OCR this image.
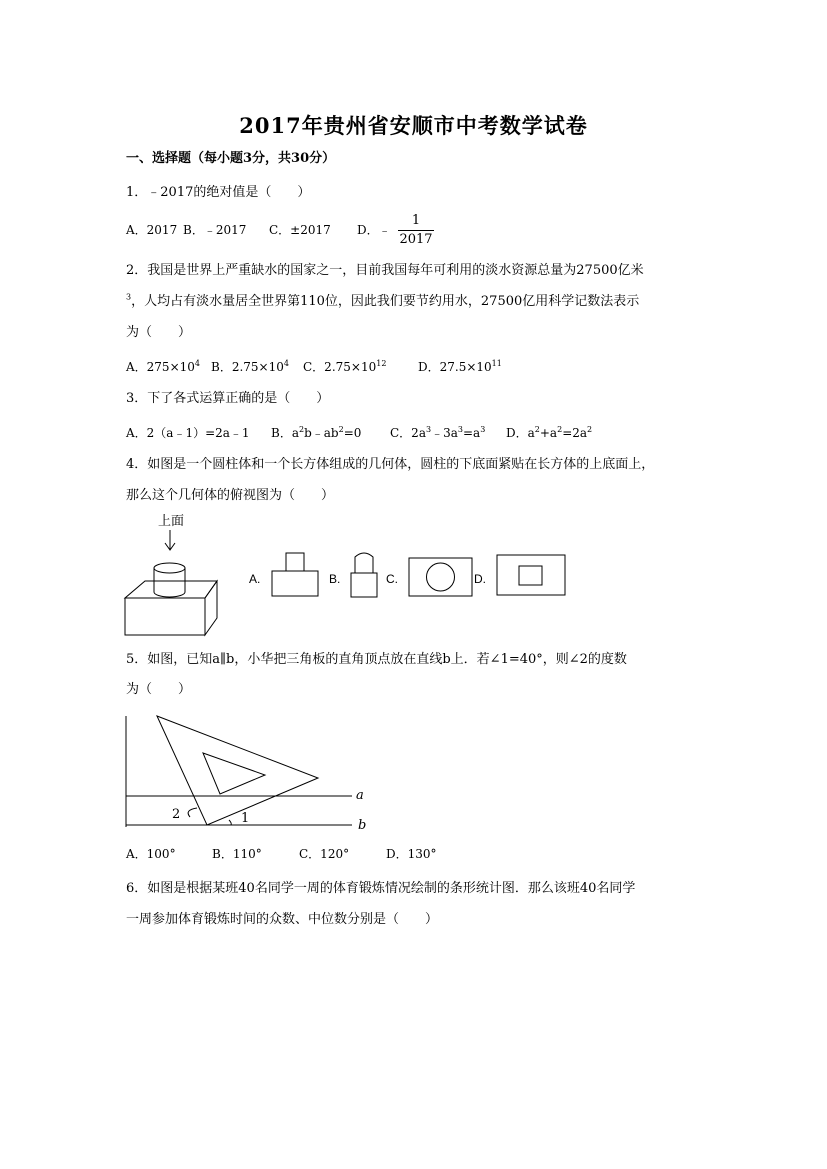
2017年贵州省安顺市中考数学试卷
一、选择题（每小题3分，共30分）
1．﹣2017的绝对值是（　　）
A．2017 B．﹣2017 C．±2017 D．﹣ $\frac{1}{2017}$
2．我国是世界上严重缺水的国家之一，目前我国每年可利用的淡水资源总量为27500亿米
$^3$，人均占有淡水量居全世界第110位，因此我们要节约用水，27500亿用科学记数法表示
为（　　）
A．$275\times 10^4$ B．$2.75\times 10^4$ C．$2.75\times 10^{12}$	D．$27.5\times 10^{11}$
3．下了各式运算正确的是（　　）
A．2（a﹣1）=2a﹣1 B．$a^2b﹣ab^2=0$ C．$2a^3﹣3a^3=a^3$ D．$a^2+a^2=2a^2$
4．如图是一个圆柱体和一个长方体组成的几何体，圆柱的下底面紧贴在长方体的上底面上，
那么这个几何体的俯视图为（　　）
上面
A.	B.	C.	D.
5．如图，已知a∥b，小华把三角板的直角顶点放在直线b上．若∠1=40°，则∠2的度数
为（　　）
a
b
1
2
A．100°	B．110°	C．120°	D．130°
6．如图是根据某班40名同学一周的体育锻炼情况绘制的条形统计图．那么该班40名同学
一周参加体育锻炼时间的众数、中位数分别是（　　）
